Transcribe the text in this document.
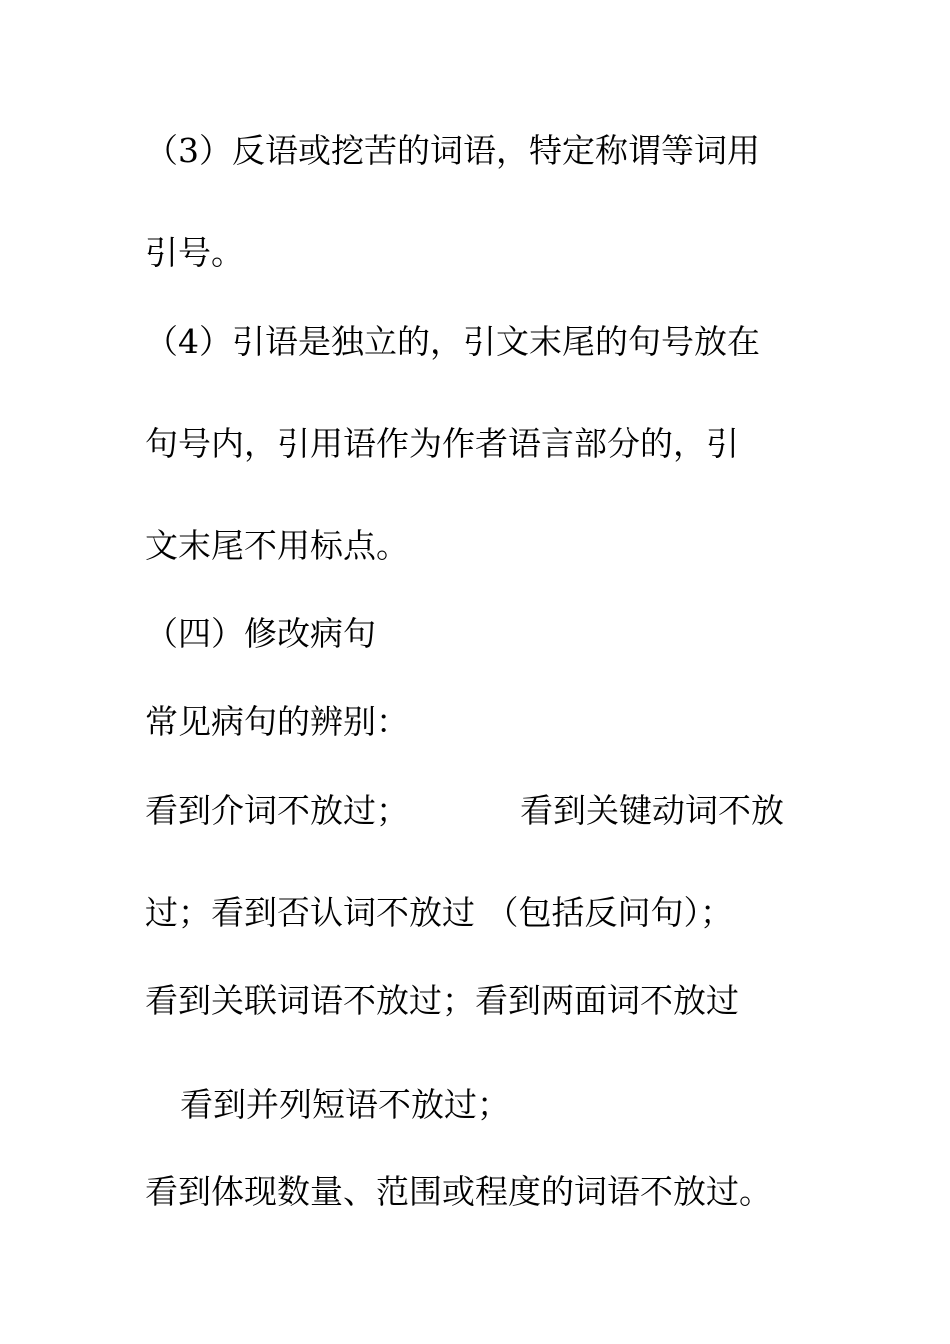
（3）反语或挖苦的词语，特定称谓等词用
引号。
（4）引语是独立的，引文末尾的句号放在
句号内，引用语作为作者语言部分的，引
文末尾不用标点。
（四）修改病句
常见病句的辨别：
看到介词不放过；	看到关键动词不放
过；看到否认词不放过 （包括反问句）；
看到关联词语不放过；看到两面词不放过
看到并列短语不放过；
看到体现数量、范围或程度的词语不放过。
